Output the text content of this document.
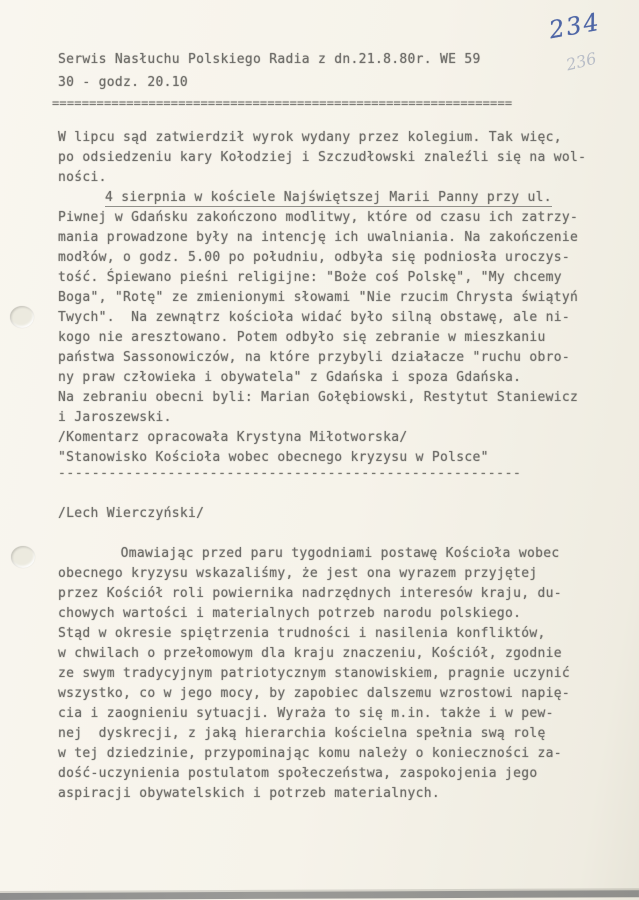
234
236
Serwis Nasłuchu Polskiego Radia z dn.21.8.80r. WE 59
30 - godz. 20.10
==============================================================
W lipcu sąd zatwierdził wyrok wydany przez kolegium. Tak więc,
po odsiedzeniu kary Kołodziej i Szczudłowski znaleźli się na wol-
ności.
4 sierpnia w kościele Najświętszej Marii Panny przy ul.
Piwnej w Gdańsku zakończono modlitwy, które od czasu ich zatrzy-
mania prowadzone były na intencję ich uwalniania. Na zakończenie
modłów, o godz. 5.00 po południu, odbyła się podniosła uroczys-
tość. Śpiewano pieśni religijne: "Boże coś Polskę", "My chcemy
Boga", "Rotę" ze zmienionymi słowami "Nie rzucim Chrysta świątyń
Twych".  Na zewnątrz kościoła widać było silną obstawę, ale ni-
kogo nie aresztowano. Potem odbyło się zebranie w mieszkaniu
państwa Sassonowiczów, na które przybyli działacze "ruchu obro-
ny praw człowieka i obywatela" z Gdańska i spoza Gdańska.
Na zebraniu obecni byli: Marian Gołębiowski, Restytut Staniewicz
i Jaroszewski.
/Komentarz opracowała Krystyna Miłotworska/
"Stanowisko Kościoła wobec obecnego kryzysu w Polsce"
-------------------------------------------------------
/Lech Wierczyński/
Omawiając przed paru tygodniami postawę Kościoła wobec
obecnego kryzysu wskazaliśmy, że jest ona wyrazem przyjętej
przez Kościół roli powiernika nadrzędnych interesów kraju, du-
chowych wartości i materialnych potrzeb narodu polskiego.
Stąd w okresie spiętrzenia trudności i nasilenia konfliktów,
w chwilach o przełomowym dla kraju znaczeniu, Kościół, zgodnie
ze swym tradycyjnym patriotycznym stanowiskiem, pragnie uczynić
wszystko, co w jego mocy, by zapobiec dalszemu wzrostowi napię-
cia i zaognieniu sytuacji. Wyraża to się m.in. także i w pew-
nej  dyskrecji, z jaką hierarchia kościelna spełnia swą rolę
w tej dziedzinie, przypominając komu należy o konieczności za-
dość-uczynienia postulatom społeczeństwa, zaspokojenia jego
aspiracji obywatelskich i potrzeb materialnych.
